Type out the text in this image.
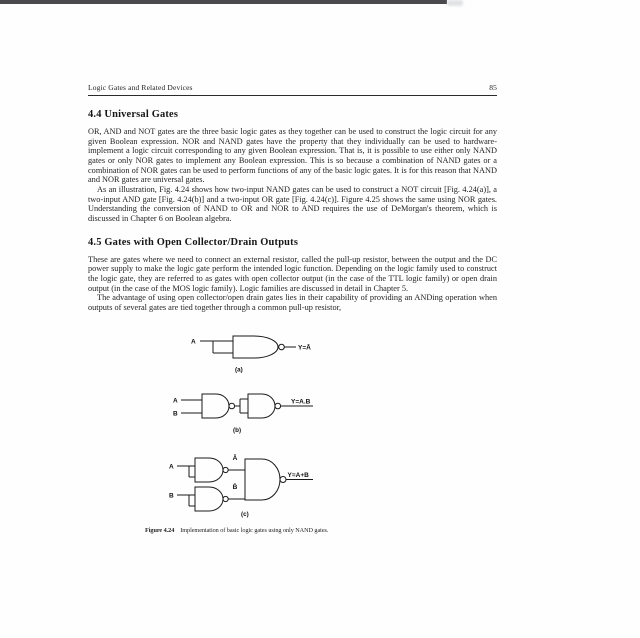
Logic Gates and Related Devices	85
4.4 Universal Gates

OR, AND and NOT gates are the three basic logic gates as they together can be used to construct the logic circuit for any given Boolean expression. NOR and NAND gates have the property that they individually can be used to hardware-implement a logic circuit corresponding to any given Boolean expression. That is, it is possible to use either only NAND gates or only NOR gates to implement any Boolean expression. This is so because a combination of NAND gates or a combination of NOR gates can be used to perform functions of any of the basic logic gates. It is for this reason that NAND and NOR gates are universal gates.

As an illustration, Fig. 4.24 shows how two-input NAND gates can be used to construct a NOT circuit [Fig. 4.24(a)], a two-input AND gate [Fig. 4.24(b)] and a two-input OR gate [Fig. 4.24(c)]. Figure 4.25 shows the same using NOR gates. Understanding the conversion of NAND to OR and NOR to AND requires the use of DeMorgan's theorem, which is discussed in Chapter 6 on Boolean algebra.

4.5 Gates with Open Collector/Drain Outputs

These are gates where we need to connect an external resistor, called the pull-up resistor, between the output and the DC power supply to make the logic gate perform the intended logic function. Depending on the logic family used to construct the logic gate, they are referred to as gates with open collector output (in the case of the TTL logic family) or open drain output (in the case of the MOS logic family). Logic families are discussed in detail in Chapter 5.

The advantage of using open collector/open drain gates lies in their capability of providing an ANDing operation when outputs of several gates are tied together through a common pull-up resistor,

A
Y=Ā
(a)
A
B
Y=A.B
(b)
A
Ā
B
B̄
Y=A+B
(c)
Figure 4.24 Implementation of basic logic gates using only NAND gates.
